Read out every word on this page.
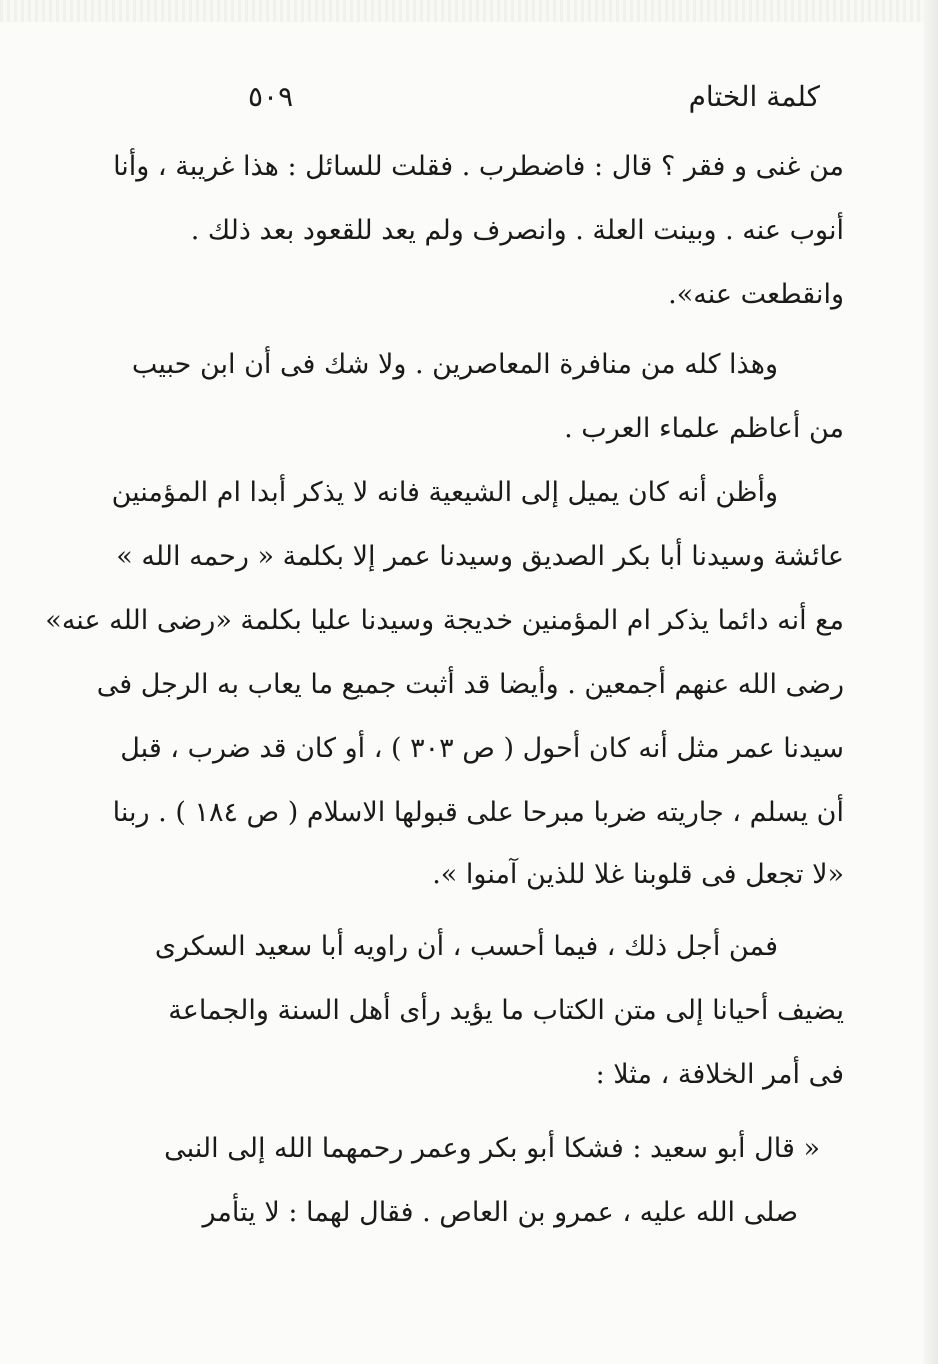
كلمة الختام
٥٠٩
من غنى و فقر ؟ قال : فاضطرب . فقلت للسائل : هذا غريبة ، وأنا
أنوب عنه . وبينت العلة . وانصرف ولم يعد للقعود بعد ذلك .
وانقطعت عنه».
وهذا كله من منافرة المعاصرين . ولا شك فى أن ابن حبيب
من أعاظم علماء العرب .
وأظن أنه كان يميل إلى الشيعية فانه لا يذكر أبدا ام المؤمنين
عائشة وسيدنا أبا بكر الصديق وسيدنا عمر إلا بكلمة « رحمه الله »
مع أنه دائما يذكر ام المؤمنين خديجة وسيدنا عليا بكلمة «رضى الله عنه»
رضى الله عنهم أجمعين . وأيضا قد أثبت جميع ما يعاب به الرجل فى
سيدنا عمر مثل أنه كان أحول ( ص ٣٠٣ ) ، أو كان قد ضرب ، قبل
أن يسلم ، جاريته ضربا مبرحا على قبولها الاسلام ( ص ١٨٤ ) . ربنا
«لا تجعل فى قلوبنا غلا للذين آمنوا ».
فمن أجل ذلك ، فيما أحسب ، أن راويه أبا سعيد السكرى
يضيف أحيانا إلى متن الكتاب ما يؤيد رأى أهل السنة والجماعة
فى أمر الخلافة ، مثلا :
« قال أبو سعيد : فشكا أبو بكر وعمر رحمهما الله إلى النبى
صلى الله عليه ، عمرو بن العاص . فقال لهما : لا يتأمر
